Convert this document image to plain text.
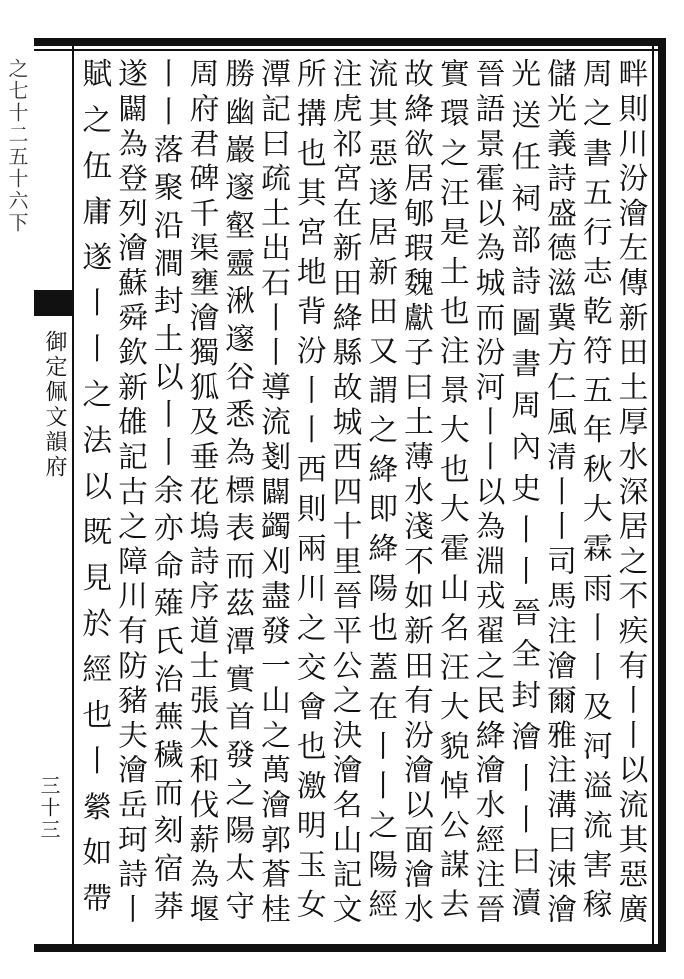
之七十二五十六下
御定佩文韻府
三十三	畔則川汾澮左傳新田土厚水深居之不疾有丨丨以流其惡廣
周之書五行志乾符五年秋大霖雨丨丨及河溢流害稼
儲光義詩盛德滋冀方仁風清丨丨司馬注澮爾雅注溝曰涑澮
光送任祠部詩圖書周內史丨丨晉全封澮丨丨曰瀆
晉語景霍以為城而汾河丨丨以為淵戎翟之民絳澮水經注晉
實環之汪是土也注景大也大霍山名汪大貌悼公謀去
故絳欲居郇瑕魏獻子曰土薄水淺不如新田有汾澮以面澮水
流其惡遂居新田又謂之絳即絳陽也蓋在丨丨之陽經
注虎祁宮在新田絳縣故城西四十里晉平公之決澮名山記文
所搆也其宮地背汾丨丨西則兩川之交會也激明玉女
潭記曰疏土出石丨丨導流剗闢蠲刈盡發一山之萬澮郭蒼桂
勝幽巖邃壑靈湫邃谷悉為標表而茲潭實首發之陽太守
周府君碑千渠壅澮獨狐及垂花塢詩序道士張太和伐薪為堰
丨丨落聚沿澗封土以丨丨余亦命薙氏治蕪穢而刻宿莽
遂闢為登列澮蘇舜欽新䧺記古之障川有防豬夫澮岳珂詩丨
賦之伍庸遂丨丨之法以既見於經也丨縈如帶
